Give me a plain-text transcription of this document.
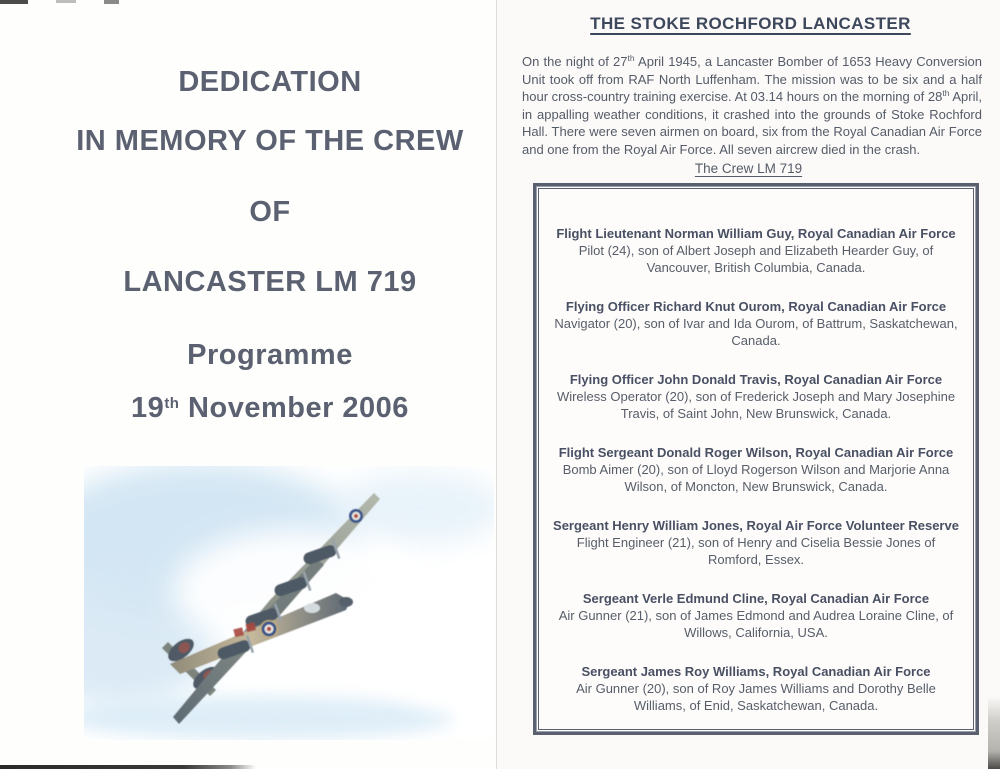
DEDICATION
IN MEMORY OF THE CREW
OF
LANCASTER LM 719
Programme
19th November 2006
THE STOKE ROCHFORD LANCASTER

On the night of 27th April 1945, a Lancaster Bomber of 1653 Heavy Conversion Unit took off from RAF North Luffenham. The mission was to be six and a half hour cross-country training exercise. At 03.14 hours on the morning of 28th April, in appalling weather conditions, it crashed into the grounds of Stoke Rochford Hall. There were seven airmen on board, six from the Royal Canadian Air Force and one from the Royal Air Force. All seven aircrew died in the crash.

The Crew LM 719
Flight Lieutenant Norman William Guy, Royal Canadian Air Force
Pilot (24), son of Albert Joseph and Elizabeth Hearder Guy, of Vancouver, British Columbia, Canada.
Flying Officer Richard Knut Ourom, Royal Canadian Air Force
Navigator (20), son of Ivar and Ida Ourom, of Battrum, Saskatchewan, Canada.
Flying Officer John Donald Travis, Royal Canadian Air Force
Wireless Operator (20), son of Frederick Joseph and Mary Josephine Travis, of Saint John, New Brunswick, Canada.
Flight Sergeant Donald Roger Wilson, Royal Canadian Air Force
Bomb Aimer (20), son of Lloyd Rogerson Wilson and Marjorie Anna Wilson, of Moncton, New Brunswick, Canada.
Sergeant Henry William Jones, Royal Air Force Volunteer Reserve
Flight Engineer (21), son of Henry and Ciselia Bessie Jones of Romford, Essex.
Sergeant Verle Edmund Cline, Royal Canadian Air Force
Air Gunner (21), son of James Edmond and Audrea Loraine Cline, of Willows, California, USA.
Sergeant James Roy Williams, Royal Canadian Air Force
Air Gunner (20), son of Roy James Williams and Dorothy Belle Williams, of Enid, Saskatchewan, Canada.
